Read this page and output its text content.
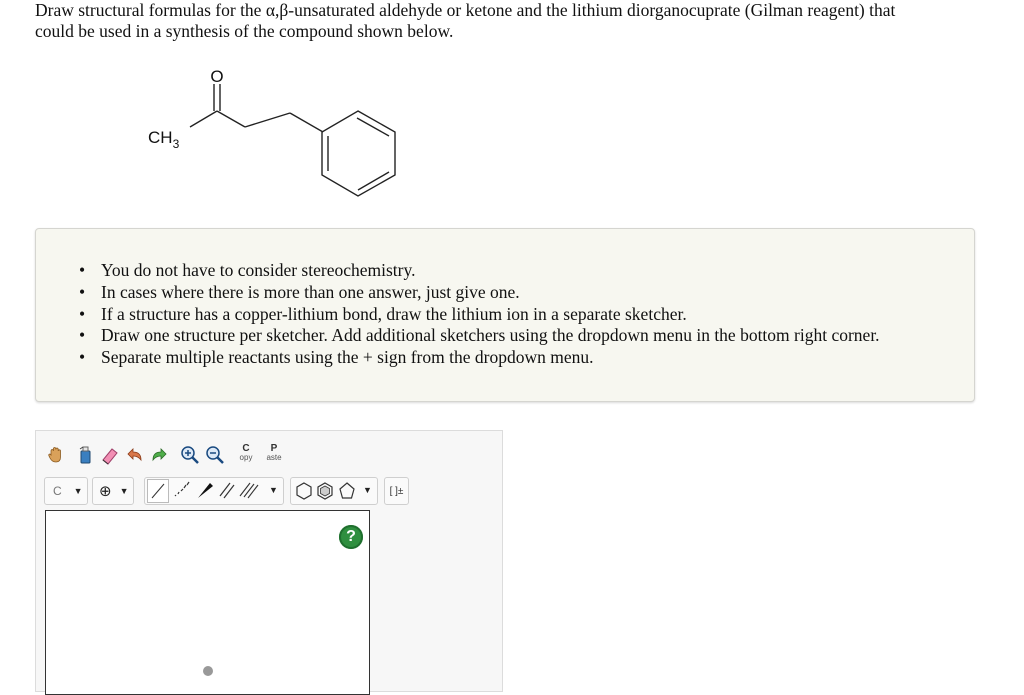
Draw structural formulas for the α,β-unsaturated aldehyde or ketone and the lithium diorganocuprate (Gilman reagent) that
could be used in a synthesis of the compound shown below.
O
$CH_3$
• You do not have to consider stereochemistry.
• In cases where there is more than one answer, just give one.
• If a structure has a copper-lithium bond, draw the lithium ion in a separate sketcher.
• Draw one structure per sketcher. Add additional sketchers using the dropdown menu in the bottom right corner.
• Separate multiple reactants using the + sign from the dropdown menu.
C
opy
P
aste
C ▼ ⊕ ▼	▼	▼ [ ]±
?
